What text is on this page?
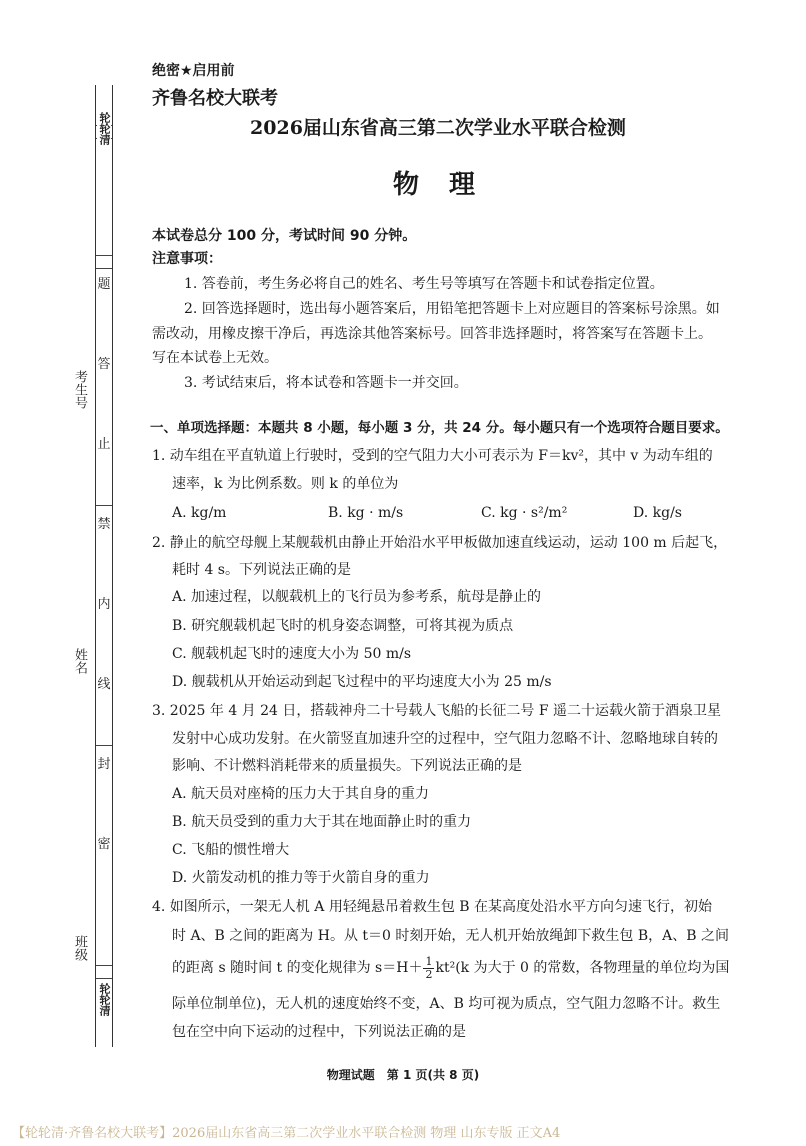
轮轮清
轮轮清
考生号
姓名
班级
题
答
止
禁
内
线
封
密
绝密★启用前
齐鲁名校大联考
2026届山东省高三第二次学业水平联合检测
物理
本试卷总分 100 分，考试时间 90 分钟。
注意事项：
1. 答卷前，考生务必将自己的姓名、考生号等填写在答题卡和试卷指定位置。
2. 回答选择题时，选出每小题答案后，用铅笔把答题卡上对应题目的答案标号涂黑。如
需改动，用橡皮擦干净后，再选涂其他答案标号。回答非选择题时，将答案写在答题卡上。
写在本试卷上无效。
3. 考试结束后，将本试卷和答题卡一并交回。
一、单项选择题：本题共 8 小题，每小题 3 分，共 24 分。每小题只有一个选项符合题目要求。
1. 动车组在平直轨道上行驶时，受到的空气阻力大小可表示为 F＝kv²，其中 v 为动车组的
速率，k 为比例系数。则 k 的单位为
A. kg/m	B. kg · m/s	C. kg · s²/m²	D. kg/s
2. 静止的航空母舰上某舰载机由静止开始沿水平甲板做加速直线运动，运动 100 m 后起飞，
耗时 4 s。下列说法正确的是
A. 加速过程，以舰载机上的飞行员为参考系，航母是静止的
B. 研究舰载机起飞时的机身姿态调整，可将其视为质点
C. 舰载机起飞时的速度大小为 50 m/s
D. 舰载机从开始运动到起飞过程中的平均速度大小为 25 m/s
3. 2025 年 4 月 24 日，搭载神舟二十号载人飞船的长征二号 F 遥二十运载火箭于酒泉卫星
发射中心成功发射。在火箭竖直加速升空的过程中，空气阻力忽略不计、忽略地球自转的
影响、不计燃料消耗带来的质量损失。下列说法正确的是
A. 航天员对座椅的压力大于其自身的重力
B. 航天员受到的重力大于其在地面静止时的重力
C. 飞船的惯性增大
D. 火箭发动机的推力等于火箭自身的重力
4. 如图所示，一架无人机 A 用轻绳悬吊着救生包 B 在某高度处沿水平方向匀速飞行，初始
时 A、B 之间的距离为 H。从 t＝0 时刻开始，无人机开始放绳卸下救生包 B，A、B 之间
的距离 s 随时间 t 的变化规律为 $s=H+ \frac{1}{2} kt^2(k$ 为大于 0 的常数，各物理量的单位均为国
际单位制单位)，无人机的速度始终不变，A、B 均可视为质点，空气阻力忽略不计。救生
包在空中向下运动的过程中，下列说法正确的是
物理试题　第 1 页(共 8 页)
【轮轮清·齐鲁名校大联考】2026届山东省高三第二次学业水平联合检测 物理 山东专版 正文A4
